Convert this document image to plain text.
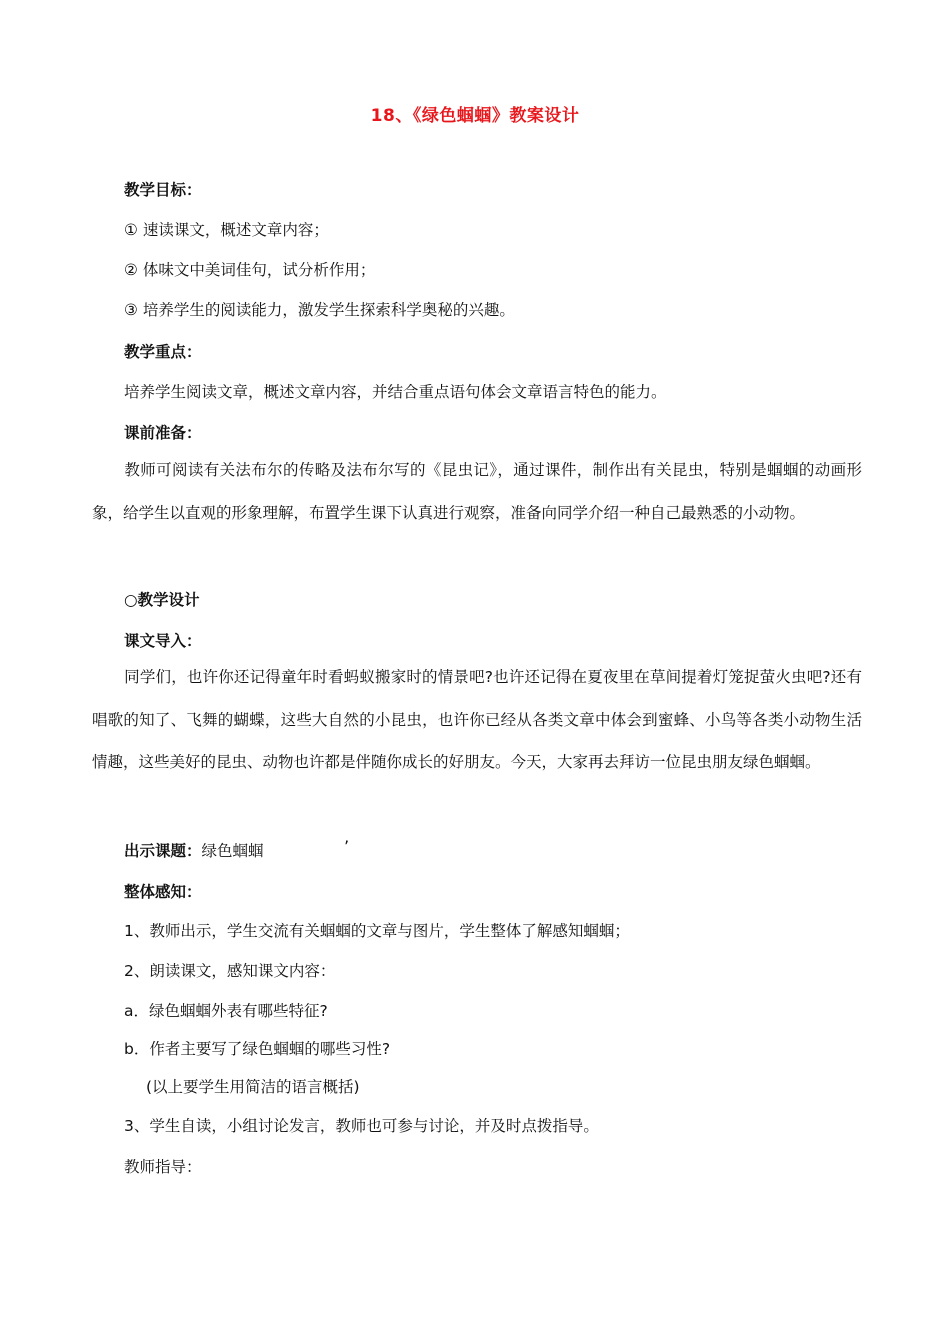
18、《绿色蝈蝈》教案设计
教学目标：
① 速读课文，概述文章内容；
② 体味文中美词佳句，试分析作用；
③ 培养学生的阅读能力，激发学生探索科学奥秘的兴趣。
教学重点：
培养学生阅读文章，概述文章内容，并结合重点语句体会文章语言特色的能力。
课前准备：
教师可阅读有关法布尔的传略及法布尔写的《昆虫记》，通过课件，制作出有关昆虫，特别是蝈蝈的动画形象，给学生以直观的形象理解，布置学生课下认真进行观察，准备向同学介绍一种自己最熟悉的小动物。
○教学设计
课文导入：
同学们，也许你还记得童年时看蚂蚁搬家时的情景吧?也许还记得在夏夜里在草间提着灯笼捉萤火虫吧?还有唱歌的知了、飞舞的蝴蝶，这些大自然的小昆虫，也许你已经从各类文章中体会到蜜蜂、小鸟等各类小动物生活情趣，这些美好的昆虫、动物也许都是伴随你成长的好朋友。今天，大家再去拜访一位昆虫朋友绿色蝈蝈。
出示课题：绿色蝈蝈	’
整体感知：
1、教师出示，学生交流有关蝈蝈的文章与图片，学生整体了解感知蝈蝈；
2、朗读课文，感知课文内容：
a．绿色蝈蝈外表有哪些特征?
b．作者主要写了绿色蝈蝈的哪些习性?
(以上要学生用简洁的语言概括)
3、学生自读，小组讨论发言，教师也可参与讨论，并及时点拨指导。
教师指导：
